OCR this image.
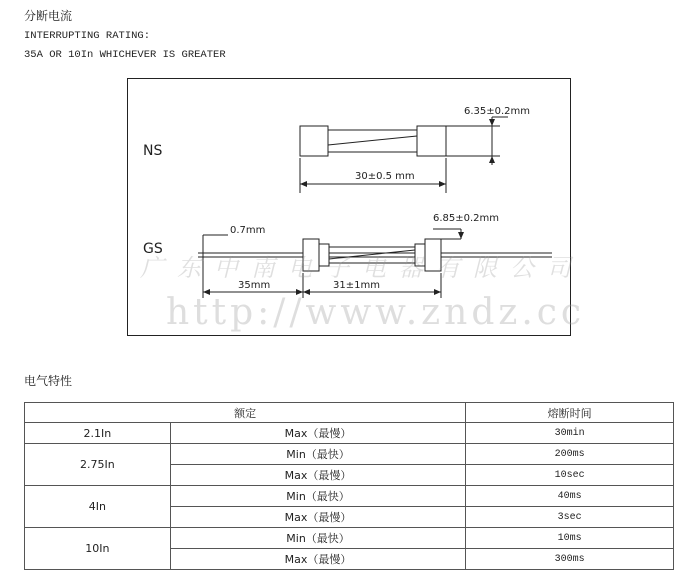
分断电流
INTERRUPTING RATING:
35A OR 10In WHICHEVER IS GREATER
NS
GS
6.35±0.2mm
30±0.5 mm
0.7mm
6.85±0.2mm
35mm	31±1mm
广东中南电子电器有限公司
http://www.zndz.cc
电气特性
额定		熔断时间
2.1In	Max（最慢）	30min
2.75In	Min（最快）	200ms
	Max（最慢）	10sec
4In	Min（最快）	40ms
	Max（最慢）	3sec
10In	Min（最快）	10ms
	Max（最慢）	300ms
